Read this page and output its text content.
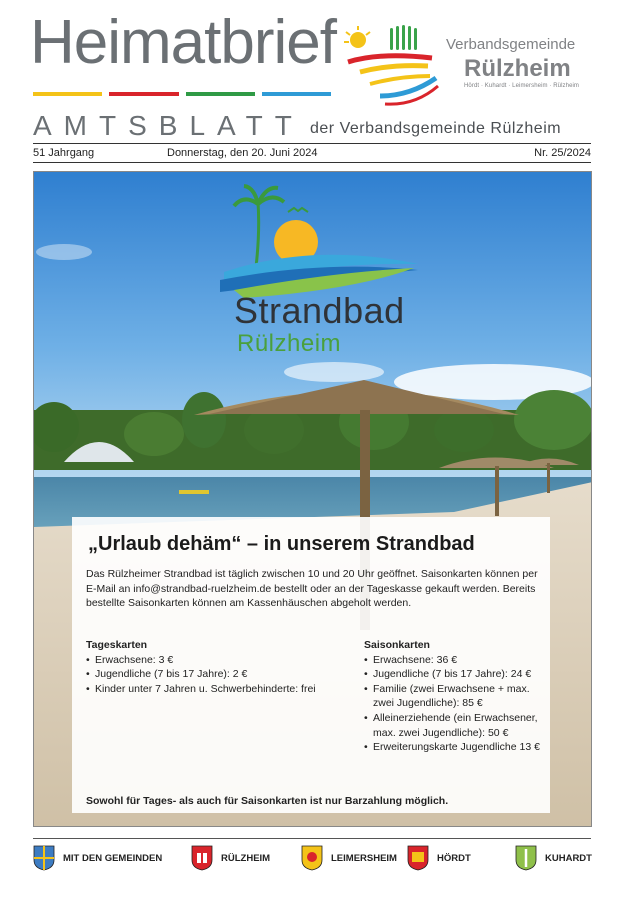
Heimatbrief	Verbandsgemeinde
Rülzheim
Hördt · Kuhardt · Leimersheim · Rülzheim
AMTSBLATT der Verbandsgemeinde Rülzheim
51 Jahrgang	Donnerstag, den 20. Juni 2024	Nr. 25/2024
Strandbad
Rülzheim
„Urlaub dehäm“ – in unserem Strandbad
Das Rülzheimer Strandbad ist täglich zwischen 10 und 20 Uhr geöffnet. Saisonkarten können per E-Mail an info@strandbad-ruelzheim.de bestellt oder an der Tageskasse gekauft werden. Bereits bestellte Saisonkarten können am Kassenhäuschen abgeholt werden.
Tageskarten
• Erwachsene: 3 €
• Jugendliche (7 bis 17 Jahre): 2 €
• Kinder unter 7 Jahren u. Schwerbehinderte: frei
Saisonkarten
• Erwachsene: 36 €
• Jugendliche (7 bis 17 Jahre): 24 €
• Familie (zwei Erwachsene + max. zwei Jugendliche): 85 €
• Alleinerziehende (ein Erwachsener, max. zwei Jugendliche): 50 €
• Erweiterungskarte Jugendliche 13 €
Sowohl für Tages- als auch für Saisonkarten ist nur Barzahlung möglich.
MIT DEN GEMEINDEN	RÜLZHEIM	LEIMERSHEIM	HÖRDT	KUHARDT
